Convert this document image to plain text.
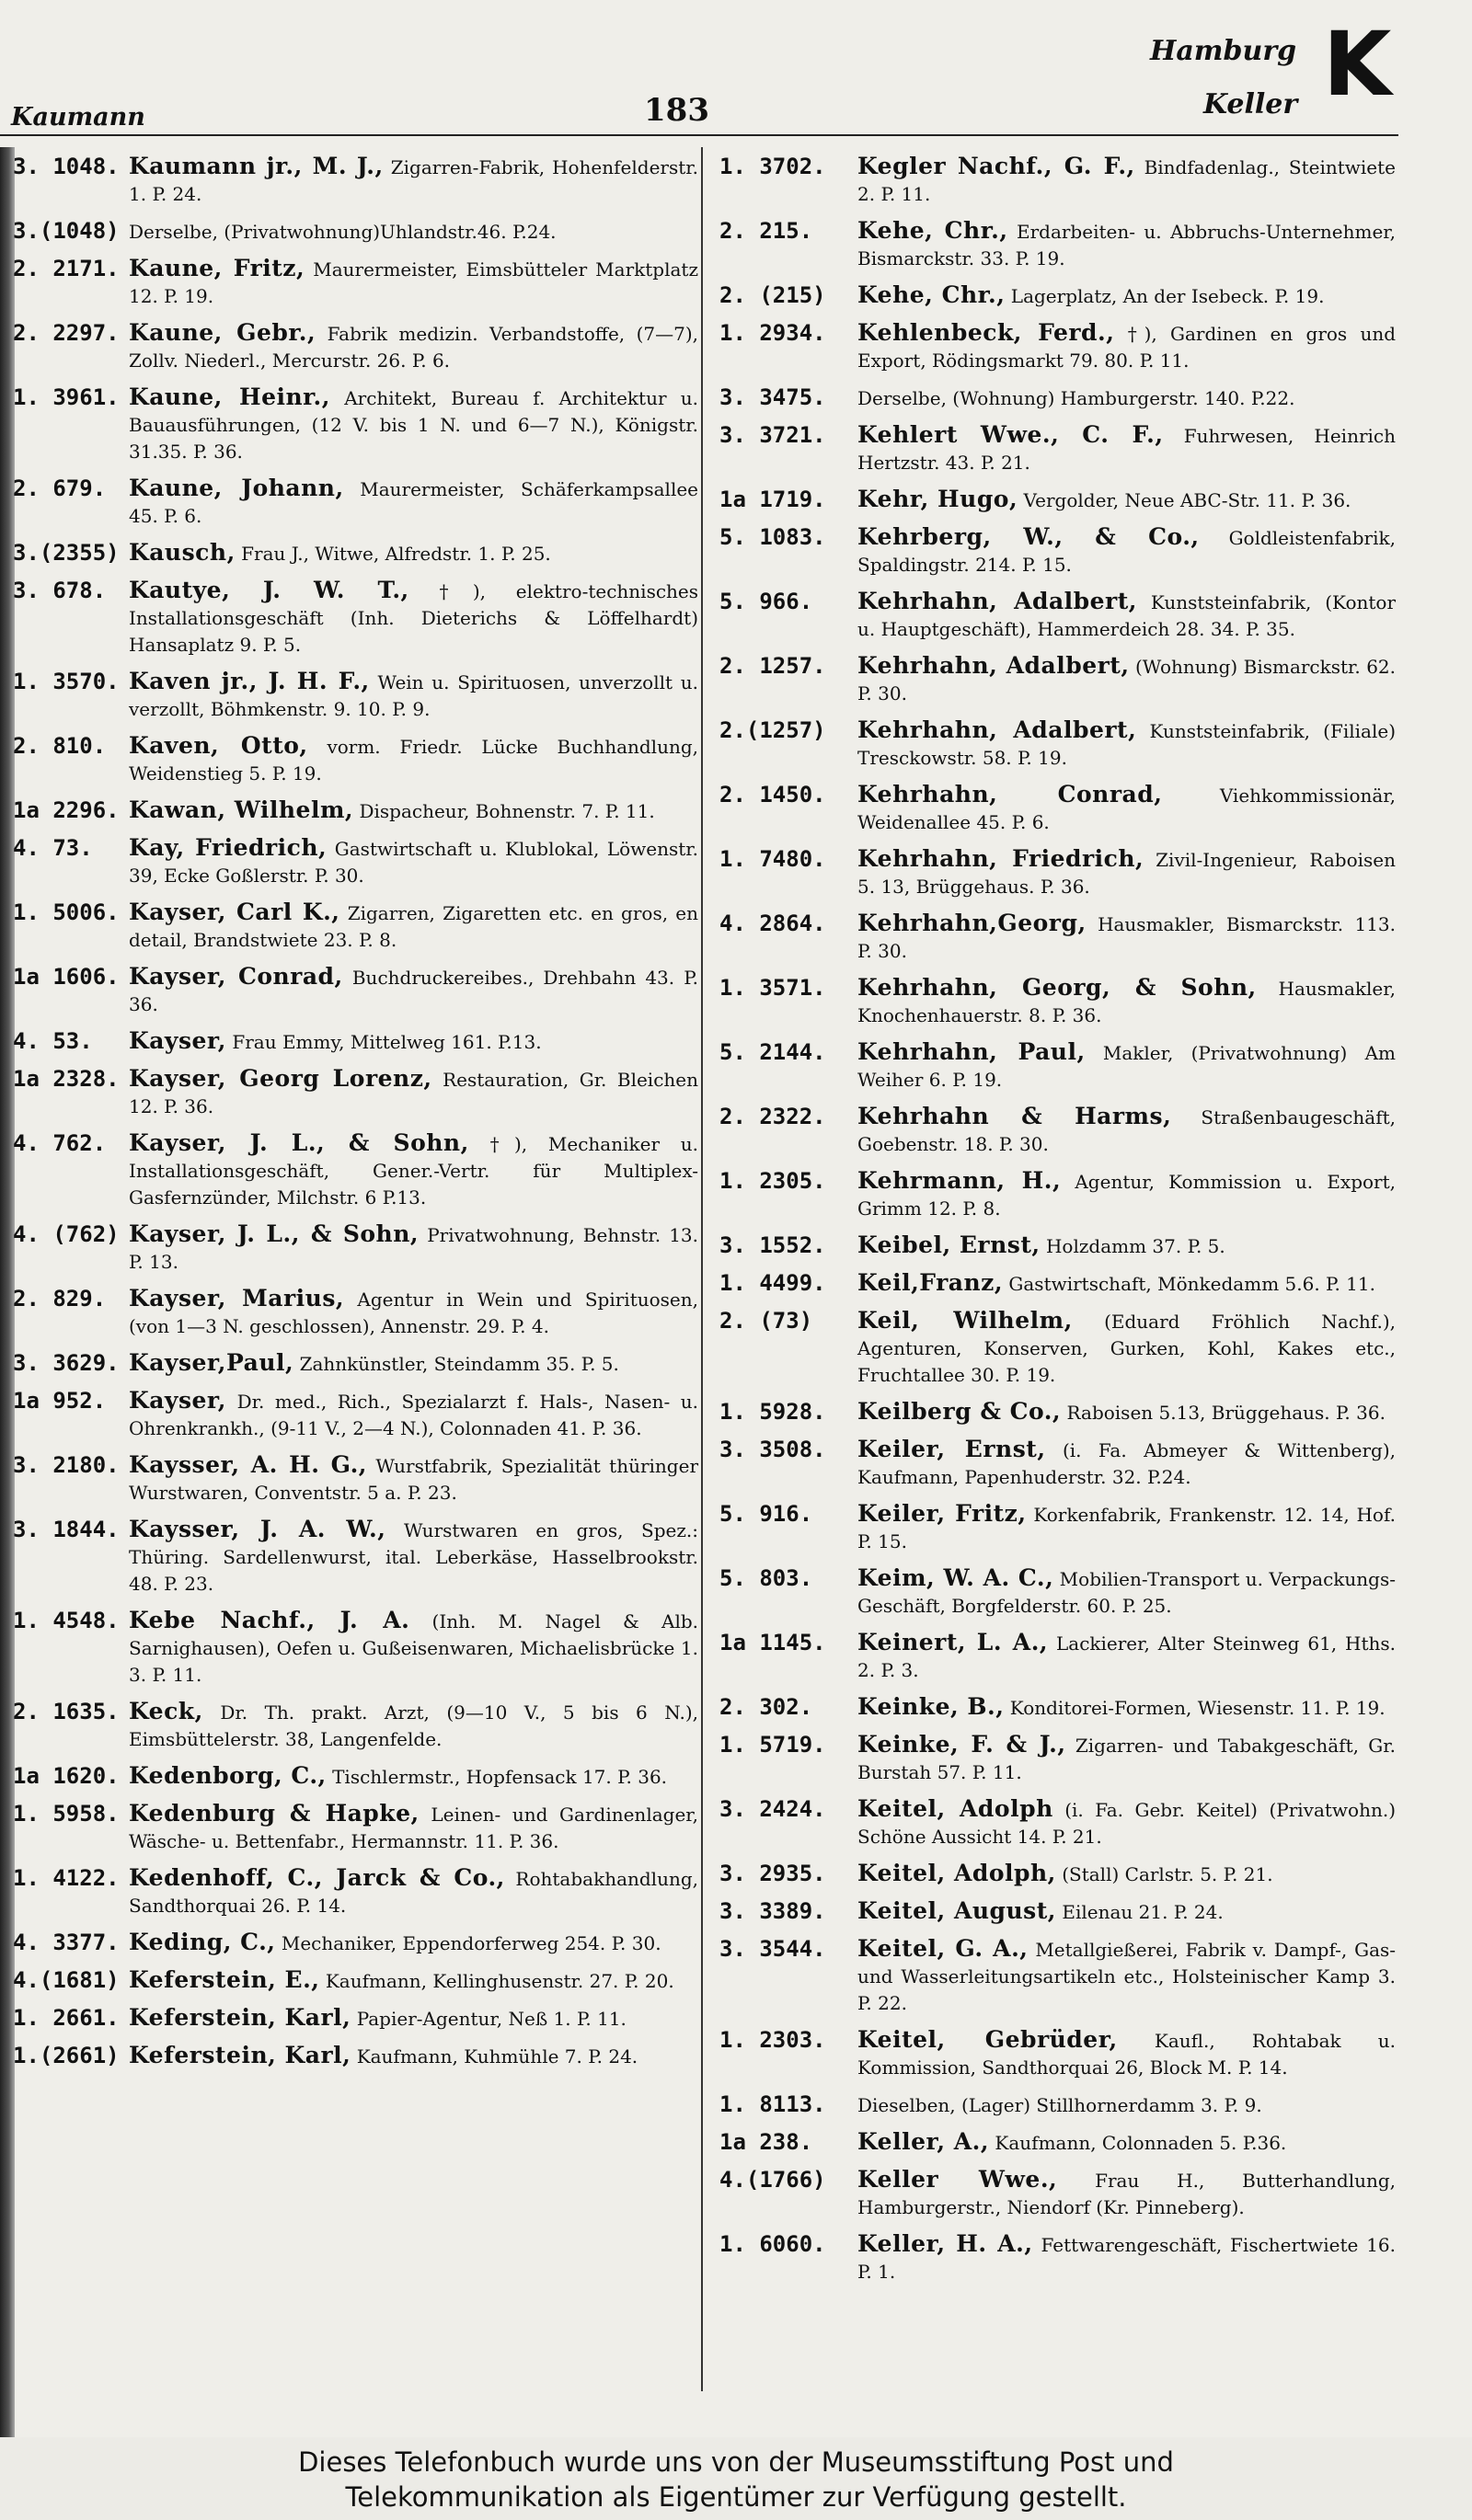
Kaumann	183
Hamburg
Keller K
3. 1048. Kaumann jr., M. J., Zigarren-Fabrik, Hohenfelderstr. 1. P. 24.
3.(1048) Derselbe, (Privatwohnung)Uhlandstr.46. P.24.
2. 2171. Kaune, Fritz, Maurermeister, Eimsbütteler Marktplatz 12. P. 19.
2. 2297. Kaune, Gebr., Fabrik medizin. Verbandstoffe, (7—7), Zollv. Niederl., Mercurstr. 26. P. 6.
1. 3961. Kaune, Heinr., Architekt, Bureau f. Architektur u. Bauausführungen, (12 V. bis 1 N. und 6—7 N.), Königstr. 31.35. P. 36.
2. 679. Kaune, Johann, Maurermeister, Schäferkampsallee 45. P. 6.
3.(2355) Kausch, Frau J., Witwe, Alfredstr. 1. P. 25.
3. 678. Kautye, J. W. T., †), elektro-technisches Installationsgeschäft (Inh. Dieterichs & Löffelhardt) Hansaplatz 9. P. 5.
1. 3570. Kaven jr., J. H. F., Wein u. Spirituosen, unverzollt u. verzollt, Böhmkenstr. 9. 10. P. 9.
2. 810. Kaven, Otto, vorm. Friedr. Lücke Buchhandlung, Weidenstieg 5. P. 19.
1a 2296. Kawan, Wilhelm, Dispacheur, Bohnenstr. 7. P. 11.
4. 73.	Kay, Friedrich, Gastwirtschaft u. Klublokal, Löwenstr. 39, Ecke Goßlerstr. P. 30.
1. 5006. Kayser, Carl K., Zigarren, Zigaretten etc. en gros, en detail, Brandstwiete 23. P. 8.
1a 1606. Kayser, Conrad, Buchdruckereibes., Drehbahn 43. P. 36.
4. 53.	Kayser, Frau Emmy, Mittelweg 161. P.13.
1a 2328. Kayser, Georg Lorenz, Restauration, Gr. Bleichen 12. P. 36.
4. 762. Kayser, J. L., & Sohn, †), Mechaniker u. Installationsgeschäft, Gener.-Vertr. für Multiplex-Gasfernzünder, Milchstr. 6 P.13.
4. (762) Kayser, J. L., & Sohn, Privatwohnung, Behnstr. 13. P. 13.
2. 829. Kayser, Marius, Agentur in Wein und Spirituosen, (von 1—3 N. geschlossen), Annenstr. 29. P. 4.
3. 3629. Kayser,Paul, Zahnkünstler, Steindamm 35. P. 5.
1a 952. Kayser, Dr. med., Rich., Spezialarzt f. Hals-, Nasen- u. Ohrenkrankh., (9-11 V., 2—4 N.), Colonnaden 41. P. 36.
3. 2180. Kaysser, A. H. G., Wurstfabrik, Spezialität thüringer Wurstwaren, Conventstr. 5 a. P. 23.
3. 1844. Kaysser, J. A. W., Wurstwaren en gros, Spez.: Thüring. Sardellenwurst, ital. Leberkäse, Hasselbrookstr. 48. P. 23.
1. 4548. Kebe Nachf., J. A. (Inh. M. Nagel & Alb. Sarnighausen), Oefen u. Gußeisenwaren, Michaelisbrücke 1. 3. P. 11.
2. 1635. Keck, Dr. Th. prakt. Arzt, (9—10 V., 5 bis 6 N.), Eimsbüttelerstr. 38, Langenfelde.
1a 1620. Kedenborg, C., Tischlermstr., Hopfensack 17. P. 36.
1. 5958. Kedenburg & Hapke, Leinen- und Gardinenlager, Wäsche- u. Bettenfabr., Hermannstr. 11. P. 36.
1. 4122. Kedenhoff, C., Jarck & Co., Rohtabakhandlung, Sandthorquai 26. P. 14.
4. 3377. Keding, C., Mechaniker, Eppendorferweg 254. P. 30.
4.(1681) Keferstein, E., Kaufmann, Kellinghusenstr. 27. P. 20.
1. 2661. Keferstein, Karl, Papier-Agentur, Neß 1. P. 11.
1.(2661) Keferstein, Karl, Kaufmann, Kuhmühle 7. P. 24.
1. 3702.	Kegler Nachf., G. F., Bindfadenlag., Steintwiete 2. P. 11.
2. 215.	Kehe, Chr., Erdarbeiten- u. Abbruchs-Unternehmer, Bismarckstr. 33. P. 19.
2. (215)	Kehe, Chr., Lagerplatz, An der Isebeck. P. 19.
1. 2934.	Kehlenbeck, Ferd., †), Gardinen en gros und Export, Rödingsmarkt 79. 80. P. 11.
3. 3475.	Derselbe, (Wohnung) Hamburgerstr. 140. P.22.
3. 3721.	Kehlert Wwe., C. F., Fuhrwesen, Heinrich Hertzstr. 43. P. 21.
1a 1719.	Kehr, Hugo, Vergolder, Neue ABC-Str. 11. P. 36.
5. 1083.	Kehrberg, W., & Co., Goldleistenfabrik, Spaldingstr. 214. P. 15.
5. 966.	Kehrhahn, Adalbert, Kunststeinfabrik, (Kontor u. Hauptgeschäft), Hammerdeich 28. 34. P. 35.
2. 1257.	Kehrhahn, Adalbert, (Wohnung) Bismarckstr. 62. P. 30.
2.(1257)	Kehrhahn, Adalbert, Kunststeinfabrik, (Filiale) Tresckowstr. 58. P. 19.
2. 1450.	Kehrhahn, Conrad,	Viehkommissionär, Weidenallee 45. P. 6.
1. 7480.	Kehrhahn, Friedrich, Zivil-Ingenieur, Raboisen 5. 13, Brüggehaus. P. 36.
4. 2864.	Kehrhahn,Georg, Hausmakler, Bismarckstr. 113. P. 30.
1. 3571.	Kehrhahn, Georg, & Sohn, Hausmakler, Knochenhauerstr. 8. P. 36.
5. 2144.	Kehrhahn, Paul, Makler, (Privatwohnung) Am Weiher 6. P. 19.
2. 2322.	Kehrhahn & Harms, Straßenbaugeschäft, Goebenstr. 18. P. 30.
1. 2305.	Kehrmann, H., Agentur, Kommission u. Export, Grimm 12. P. 8.
3. 1552.	Keibel, Ernst, Holzdamm 37. P. 5.
1. 4499.	Keil,Franz, Gastwirtschaft, Mönkedamm 5.6. P. 11.
2. (73)	Keil, Wilhelm, (Eduard Fröhlich Nachf.), Agenturen, Konserven, Gurken, Kohl, Kakes etc., Fruchtallee 30. P. 19.
1. 5928.	Keilberg & Co., Raboisen 5.13, Brüggehaus. P. 36.
3. 3508.	Keiler, Ernst, (i. Fa. Abmeyer & Wittenberg), Kaufmann, Papenhuderstr. 32. P.24.
5. 916.	Keiler, Fritz, Korkenfabrik, Frankenstr. 12. 14, Hof. P. 15.
5. 803.	Keim, W. A. C., Mobilien-Transport u. Verpackungs-Geschäft, Borgfelderstr. 60. P. 25.
1a 1145.	Keinert, L. A., Lackierer, Alter Steinweg 61, Hths. 2. P. 3.
2. 302.	Keinke, B., Konditorei-Formen, Wiesenstr. 11. P. 19.
1. 5719.	Keinke, F. & J., Zigarren- und Tabakgeschäft, Gr. Burstah 57. P. 11.
3. 2424.	Keitel, Adolph (i. Fa. Gebr. Keitel) (Privatwohn.) Schöne Aussicht 14. P. 21.
3. 2935.	Keitel, Adolph, (Stall) Carlstr. 5. P. 21.
3. 3389.	Keitel, August, Eilenau 21. P. 24.
3. 3544.	Keitel, G. A., Metallgießerei, Fabrik v. Dampf-, Gas- und Wasserleitungsartikeln etc., Holsteinischer Kamp 3. P. 22.
1. 2303.	Keitel, Gebrüder, Kaufl., Rohtabak u. Kommission, Sandthorquai 26, Block M. P. 14.
1. 8113.	Dieselben, (Lager) Stillhornerdamm 3. P. 9.
1a 238.	Keller, A., Kaufmann, Colonnaden 5. P.36.
4.(1766)	Keller Wwe., Frau H., Butterhandlung, Hamburgerstr., Niendorf (Kr. Pinneberg).
1. 6060.	Keller, H. A., Fettwarengeschäft, Fischertwiete 16. P. 1.
Dieses Telefonbuch wurde uns von der Museumsstiftung Post und
Telekommunikation als Eigentümer zur Verfügung gestellt.
